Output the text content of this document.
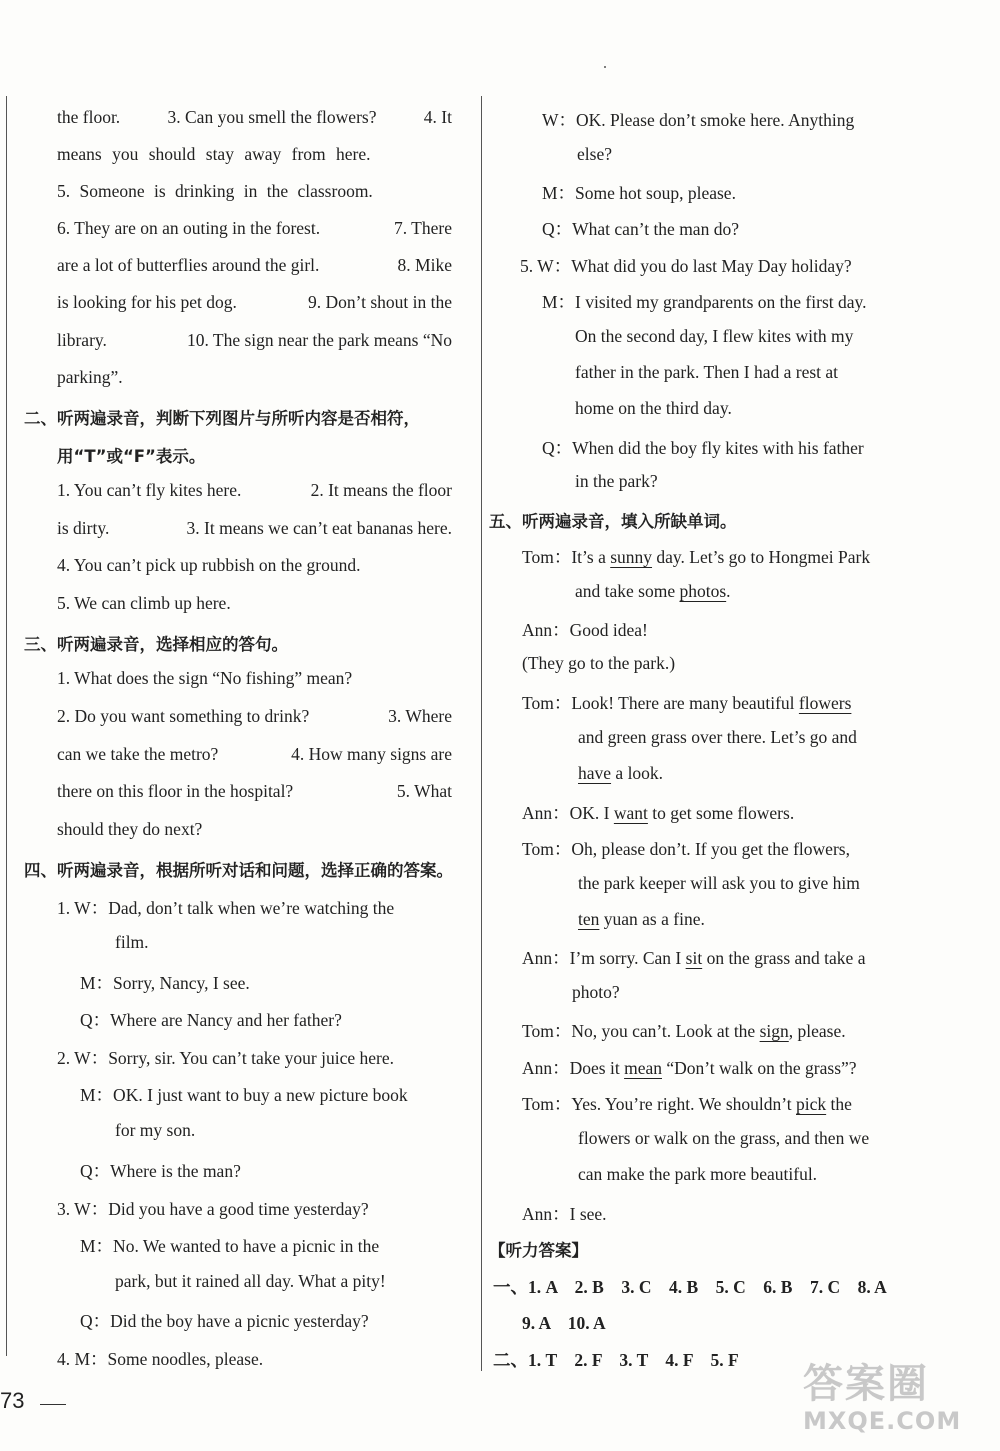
the floor.	3. Can you smell the flowers?	4. It
means you should stay away from here.
5. Someone is drinking in the classroom.
6. They are on an outing in the forest.	7. There
are a lot of butterflies around the girl.	8. Mike
is looking for his pet dog.	9. Don’t shout in the
library.	10. The sign near the park means “No
parking”.
二、听两遍录音，判断下列图片与所听内容是否相符，
用“T”或“F”表示。
1. You can’t fly kites here.	2. It means the floor
is dirty.	3. It means we can’t eat bananas here.
4. You can’t pick up rubbish on the ground.
5. We can climb up here.
三、听两遍录音，选择相应的答句。
1. What does the sign “No fishing” mean?
2. Do you want something to drink?	3. Where
can we take the metro?	4. How many signs are
there on this floor in the hospital?	5. What
should they do next?
四、听两遍录音，根据所听对话和问题，选择正确的答案。
1. W：Dad, don’t talk when we’re watching the
film.
M：Sorry, Nancy, I see.
Q：Where are Nancy and her father?
2. W：Sorry, sir. You can’t take your juice here.
M：OK. I just want to buy a new picture book
for my son.
Q：Where is the man?
3. W：Did you have a good time yesterday?
M：No. We wanted to have a picnic in the
park, but it rained all day. What a pity!
Q：Did the boy have a picnic yesterday?
4. M：Some noodles, please.
W：OK. Please don’t smoke here. Anything
else?
M：Some hot soup, please.
Q：What can’t the man do?
5. W：What did you do last May Day holiday?
M：I visited my grandparents on the first day.
On the second day, I flew kites with my
father in the park. Then I had a rest at
home on the third day.
Q：When did the boy fly kites with his father
in the park?
五、听两遍录音，填入所缺单词。
Tom：It’s a sunny day. Let’s go to Hongmei Park
and take some photos.
Ann：Good idea!
(They go to the park.)
Tom：Look! There are many beautiful flowers
and green grass over there. Let’s go and
have a look.
Ann：OK. I want to get some flowers.
Tom：Oh, please don’t. If you get the flowers,
the park keeper will ask you to give him
ten yuan as a fine.
Ann：I’m sorry. Can I sit on the grass and take a
photo?
Tom：No, you can’t. Look at the sign, please.
Ann：Does it mean “Don’t walk on the grass”?
Tom：Yes. You’re right. We shouldn’t pick the
flowers or walk on the grass, and then we
can make the park more beautiful.
Ann：I see.
【听力答案】
一、1. A　2. B　3. C　4. B　5. C　6. B　7. C　8. A
9. A　10. A
二、1. T　2. F　3. T　4. F　5. F
73	答案圈
MXQE.COM
